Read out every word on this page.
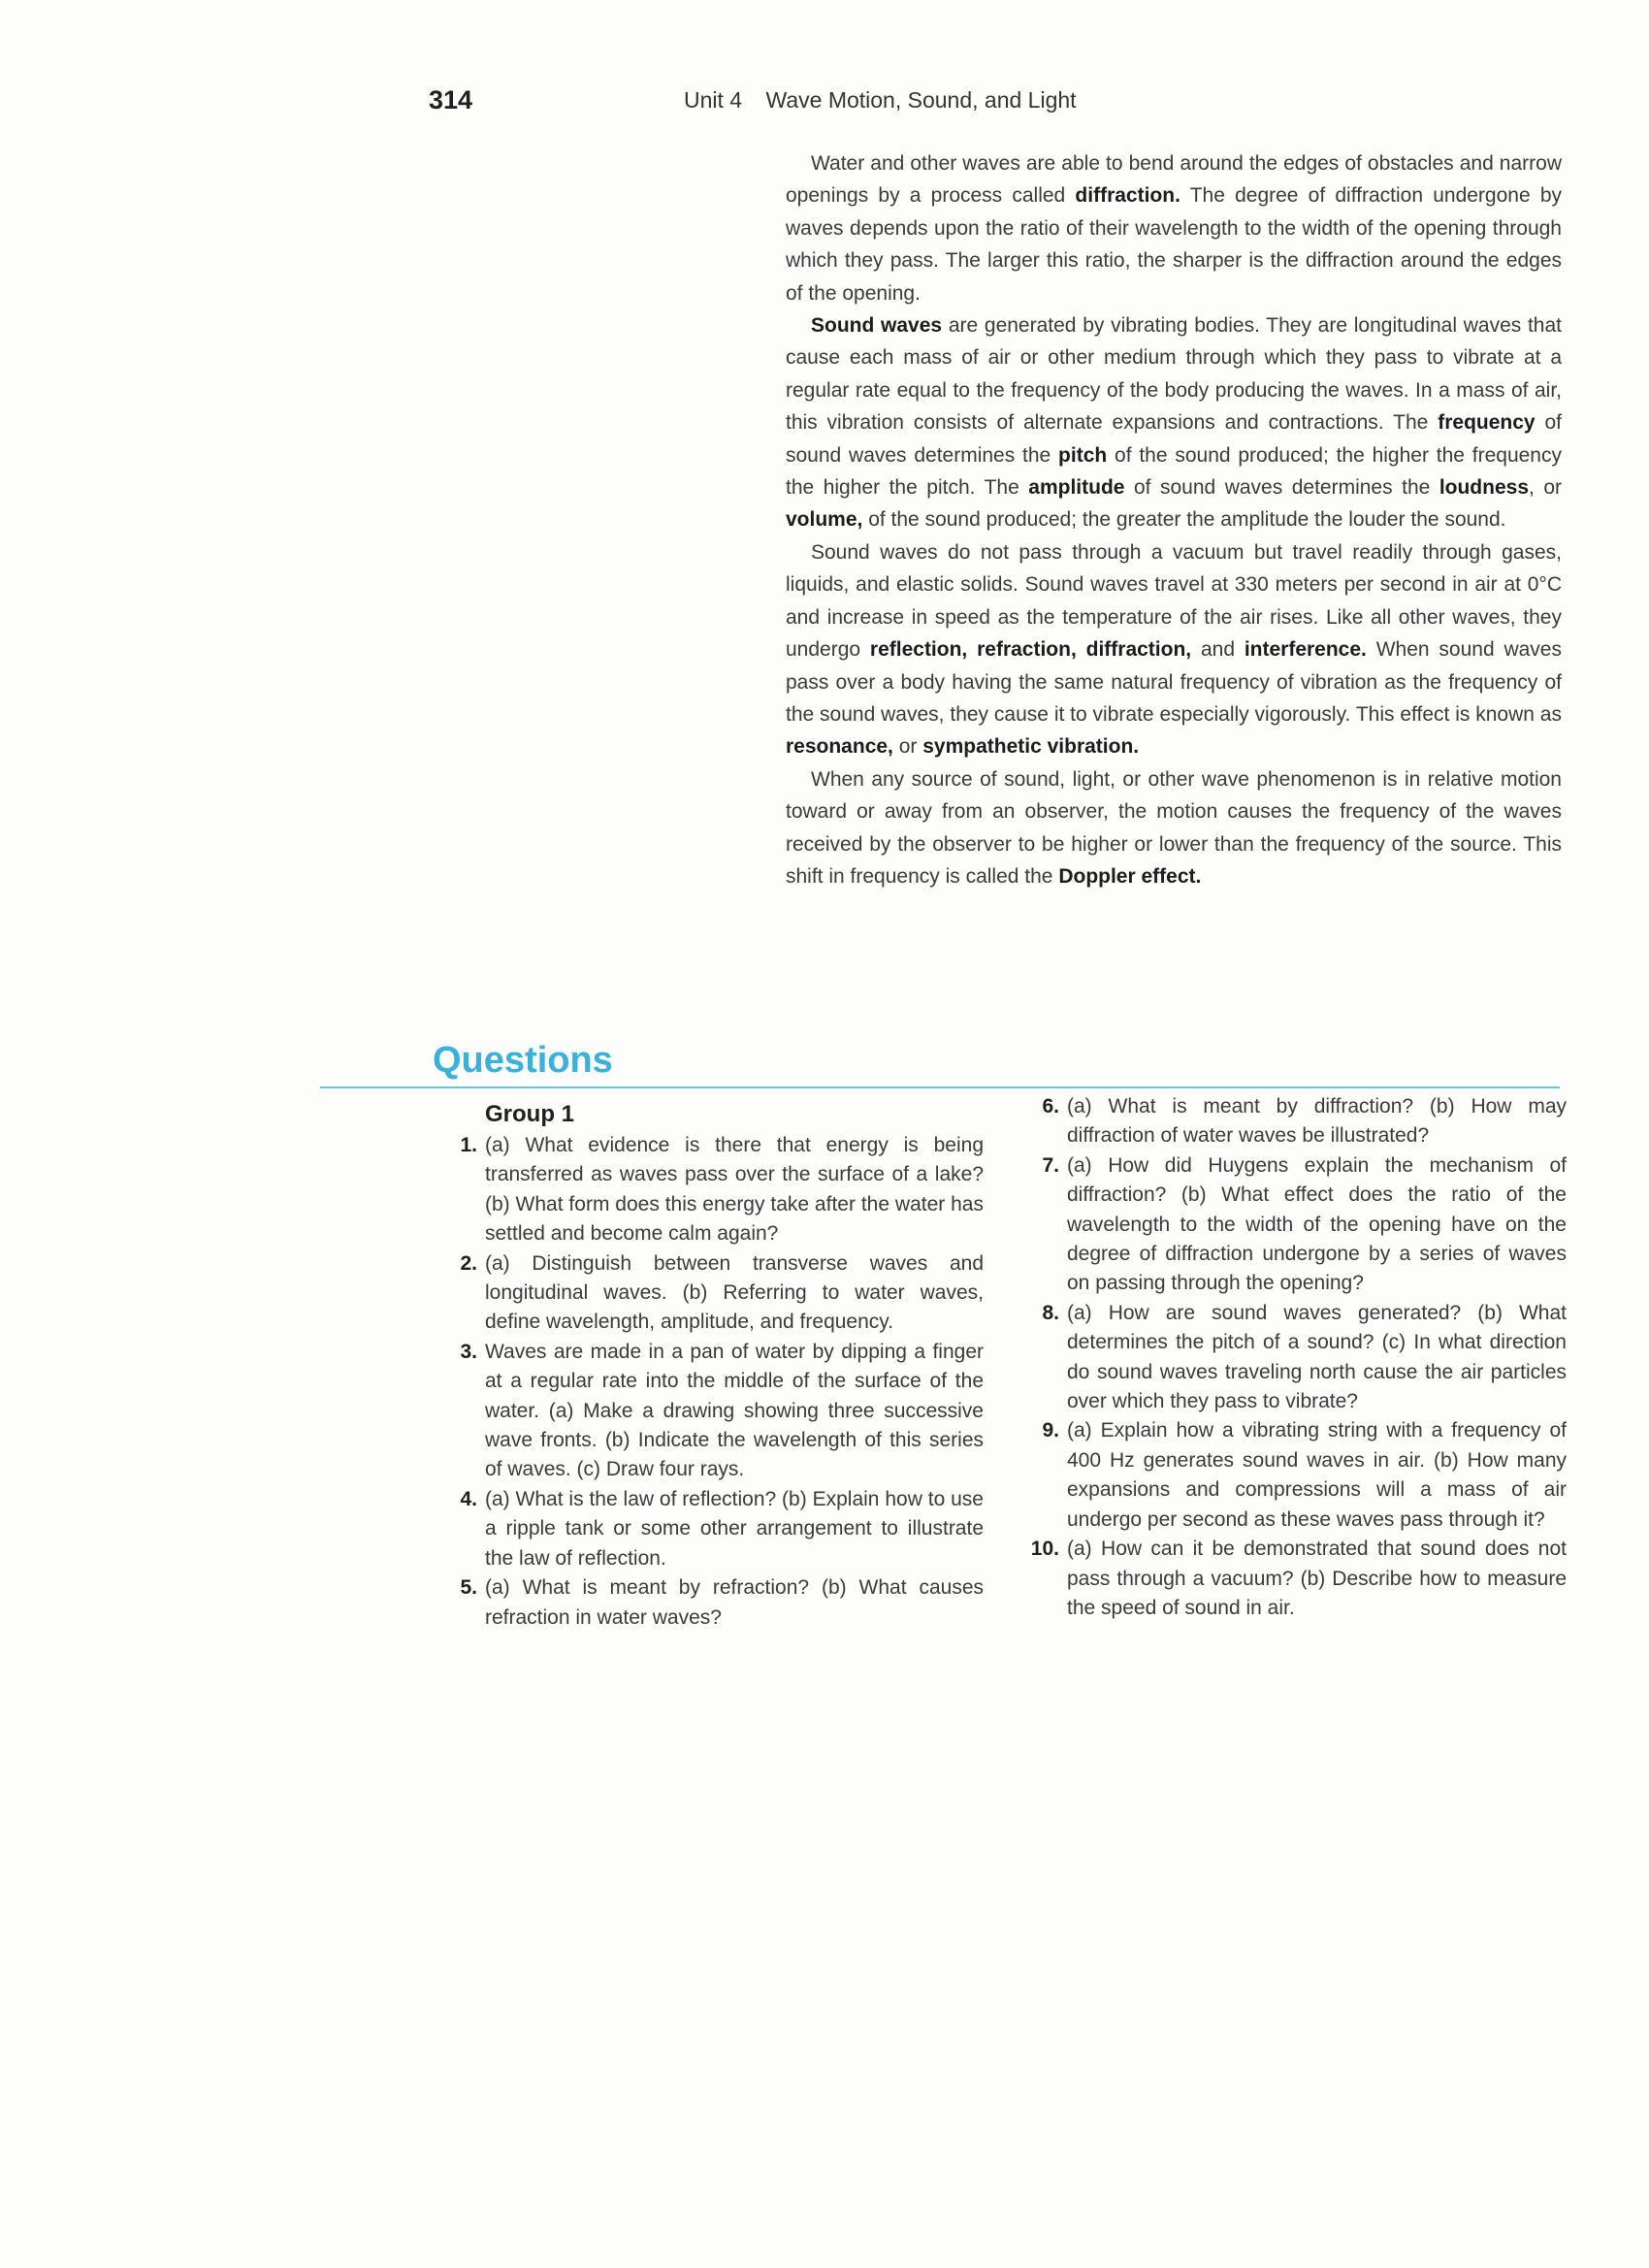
314	Unit 4 Wave Motion, Sound, and Light

Water and other waves are able to bend around the edges of obstacles and narrow openings by a process called diffraction. The degree of diffraction undergone by waves depends upon the ratio of their wavelength to the width of the opening through which they pass. The larger this ratio, the sharper is the diffraction around the edges of the opening.

Sound waves are generated by vibrating bodies. They are longitudinal waves that cause each mass of air or other medium through which they pass to vibrate at a regular rate equal to the frequency of the body producing the waves. In a mass of air, this vibration consists of alternate expansions and contractions. The frequency of sound waves determines the pitch of the sound produced; the higher the frequency the higher the pitch. The amplitude of sound waves determines the loudness, or volume, of the sound produced; the greater the amplitude the louder the sound.

Sound waves do not pass through a vacuum but travel readily through gases, liquids, and elastic solids. Sound waves travel at 330 meters per second in air at 0°C and increase in speed as the temperature of the air rises. Like all other waves, they undergo reflection, refraction, diffraction, and interference. When sound waves pass over a body having the same natural frequency of vibration as the frequency of the sound waves, they cause it to vibrate especially vigorously. This effect is known as resonance, or sympathetic vibration.

When any source of sound, light, or other wave phenomenon is in relative motion toward or away from an observer, the motion causes the frequency of the waves received by the observer to be higher or lower than the frequency of the source. This shift in frequency is called the Doppler effect.

Questions
Group 1
1. (a) What evidence is there that energy is being transferred as waves pass over the surface of a lake? (b) What form does this energy take after the water has settled and become calm again?
2. (a) Distinguish between transverse waves and longitudinal waves. (b) Referring to water waves, define wavelength, amplitude, and frequency.
3. Waves are made in a pan of water by dipping a finger at a regular rate into the middle of the surface of the water. (a) Make a drawing showing three successive wave fronts. (b) Indicate the wavelength of this series of waves. (c) Draw four rays.
4. (a) What is the law of reflection? (b) Explain how to use a ripple tank or some other arrangement to illustrate the law of reflection.
5. (a) What is meant by refraction? (b) What causes refraction in water waves?
6. (a) What is meant by diffraction? (b) How may diffraction of water waves be illustrated?
7. (a) How did Huygens explain the mechanism of diffraction? (b) What effect does the ratio of the wavelength to the width of the opening have on the degree of diffraction undergone by a series of waves on passing through the opening?
8. (a) How are sound waves generated? (b) What determines the pitch of a sound? (c) In what direction do sound waves traveling north cause the air particles over which they pass to vibrate?
9. (a) Explain how a vibrating string with a frequency of 400 Hz generates sound waves in air. (b) How many expansions and compressions will a mass of air undergo per second as these waves pass through it?
10. (a) How can it be demonstrated that sound does not pass through a vacuum? (b) Describe how to measure the speed of sound in air.
